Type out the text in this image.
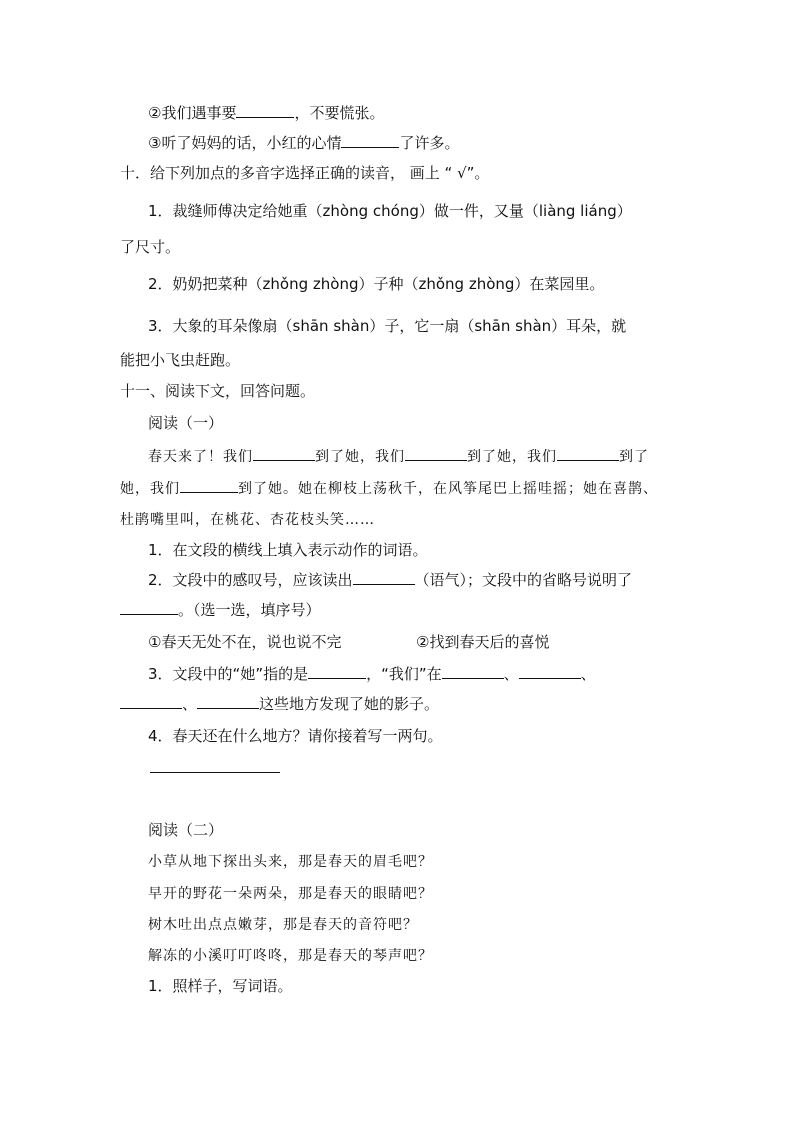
②我们遇事要	，不要慌张。
③听了妈妈的话，小红的心情	了许多。
十．给下列加点的多音字选择正确的读音， 画上 “ √”。
1．裁缝师傅决定给她重（zhòng chóng）做一件，又量（liàng liáng）
了尺寸。
2．奶奶把菜种（zhǒng zhòng）子种（zhǒng zhòng）在菜园里。
3．大象的耳朵像扇（shān shàn）子，它一扇（shān shàn）耳朵，就
能把小飞虫赶跑。
十一、阅读下文，回答问题。
阅读（一）
春天来了！我们	到了她，我们	到了她，我们	到了
她，我们	到了她。她在柳枝上荡秋千，在风筝尾巴上摇哇摇；她在喜鹊、
杜鹃嘴里叫，在桃花、杏花枝头笑……
1．在文段的横线上填入表示动作的词语。
2．文段中的感叹号，应该读出	（语气）；文段中的省略号说明了
。（选一选，填序号）
①春天无处不在，说也说不完	②找到春天后的喜悦
3．文段中的“她”指的是	，“我们”在	、	、
、	这些地方发现了她的影子。
4．春天还在什么地方？请你接着写一两句。
阅读（二）
小草从地下探出头来，那是春天的眉毛吧？
早开的野花一朵两朵，那是春天的眼睛吧？
树木吐出点点嫩芽，那是春天的音符吧？
解冻的小溪叮叮咚咚，那是春天的琴声吧？
1．照样子，写词语。
